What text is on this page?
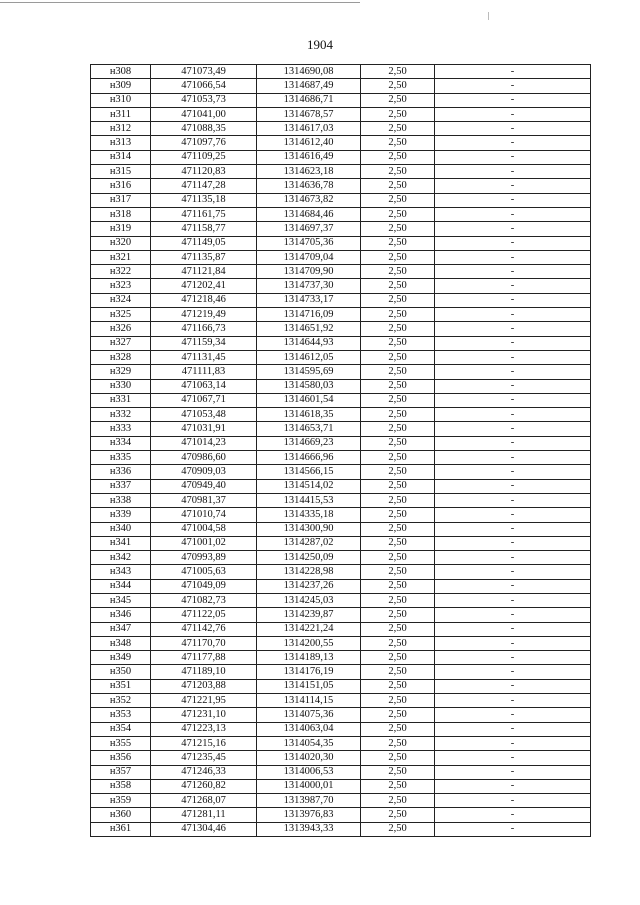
1904
н308	471073,49	1314690,08	2,50	-
н309	471066,54	1314687,49	2,50	-
н310	471053,73	1314686,71	2,50	-
н311	471041,00	1314678,57	2,50	-
н312	471088,35	1314617,03	2,50	-
н313	471097,76	1314612,40	2,50	-
н314	471109,25	1314616,49	2,50	-
н315	471120,83	1314623,18	2,50	-
н316	471147,28	1314636,78	2,50	-
н317	471135,18	1314673,82	2,50	-
н318	471161,75	1314684,46	2,50	-
н319	471158,77	1314697,37	2,50	-
н320	471149,05	1314705,36	2,50	-
н321	471135,87	1314709,04	2,50	-
н322	471121,84	1314709,90	2,50	-
н323	471202,41	1314737,30	2,50	-
н324	471218,46	1314733,17	2,50	-
н325	471219,49	1314716,09	2,50	-
н326	471166,73	1314651,92	2,50	-
н327	471159,34	1314644,93	2,50	-
н328	471131,45	1314612,05	2,50	-
н329	471111,83	1314595,69	2,50	-
н330	471063,14	1314580,03	2,50	-
н331	471067,71	1314601,54	2,50	-
н332	471053,48	1314618,35	2,50	-
н333	471031,91	1314653,71	2,50	-
н334	471014,23	1314669,23	2,50	-
н335	470986,60	1314666,96	2,50	-
н336	470909,03	1314566,15	2,50	-
н337	470949,40	1314514,02	2,50	-
н338	470981,37	1314415,53	2,50	-
н339	471010,74	1314335,18	2,50	-
н340	471004,58	1314300,90	2,50	-
н341	471001,02	1314287,02	2,50	-
н342	470993,89	1314250,09	2,50	-
н343	471005,63	1314228,98	2,50	-
н344	471049,09	1314237,26	2,50	-
н345	471082,73	1314245,03	2,50	-
н346	471122,05	1314239,87	2,50	-
н347	471142,76	1314221,24	2,50	-
н348	471170,70	1314200,55	2,50	-
н349	471177,88	1314189,13	2,50	-
н350	471189,10	1314176,19	2,50	-
н351	471203,88	1314151,05	2,50	-
н352	471221,95	1314114,15	2,50	-
н353	471231,10	1314075,36	2,50	-
н354	471223,13	1314063,04	2,50	-
н355	471215,16	1314054,35	2,50	-
н356	471235,45	1314020,30	2,50	-
н357	471246,33	1314006,53	2,50	-
н358	471260,82	1314000,01	2,50	-
н359	471268,07	1313987,70	2,50	-
н360	471281,11	1313976,83	2,50	-
н361	471304,46	1313943,33	2,50	-
